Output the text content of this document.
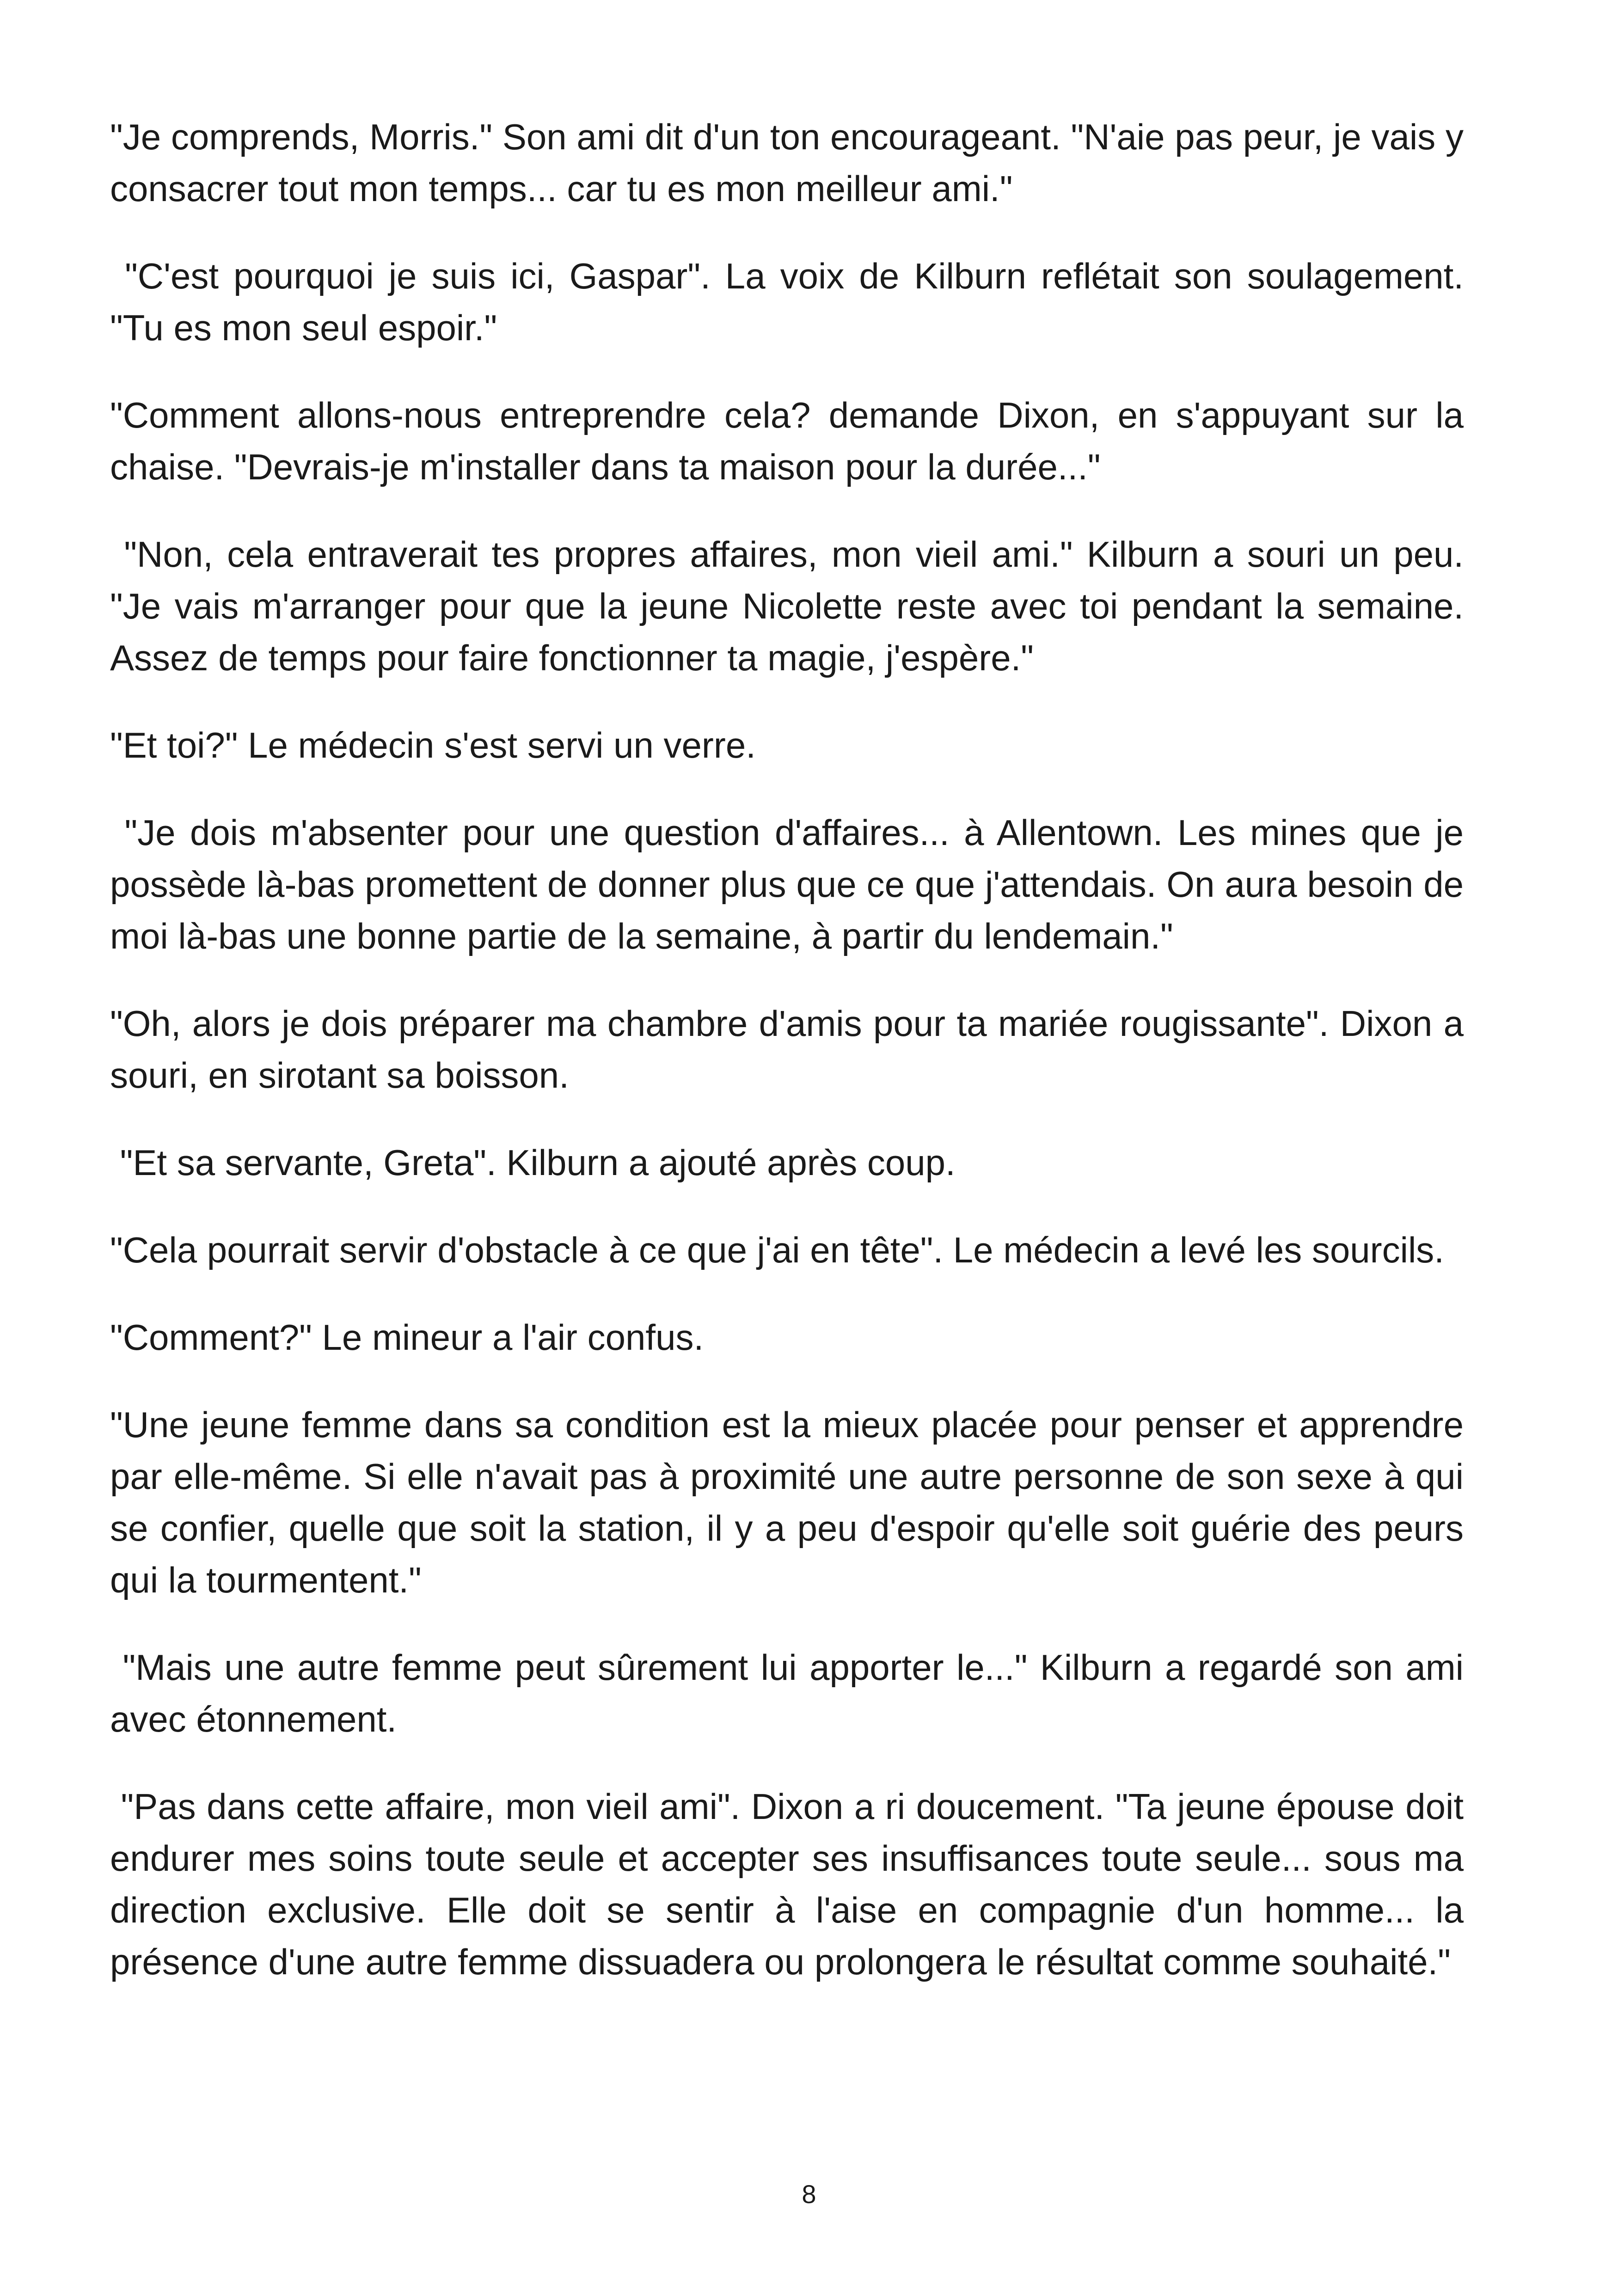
"Je comprends, Morris." Son ami dit d'un ton encourageant. "N'aie pas peur, je vais y consacrer tout mon temps... car tu es mon meilleur ami."

"C'est pourquoi je suis ici, Gaspar". La voix de Kilburn reflétait son soulagement. "Tu es mon seul espoir."

"Comment allons-nous entreprendre cela? demande Dixon, en s'appuyant sur la chaise. "Devrais-je m'installer dans ta maison pour la durée..."

"Non, cela entraverait tes propres affaires, mon vieil ami." Kilburn a souri un peu. "Je vais m'arranger pour que la jeune Nicolette reste avec toi pendant la semaine. Assez de temps pour faire fonctionner ta magie, j'espère."

"Et toi?" Le médecin s'est servi un verre.

"Je dois m'absenter pour une question d'affaires... à Allentown. Les mines que je possède là-bas promettent de donner plus que ce que j'attendais. On aura besoin de moi là-bas une bonne partie de la semaine, à partir du lendemain."

"Oh, alors je dois préparer ma chambre d'amis pour ta mariée rougissante". Dixon a souri, en sirotant sa boisson.

"Et sa servante, Greta". Kilburn a ajouté après coup.

"Cela pourrait servir d'obstacle à ce que j'ai en tête". Le médecin a levé les sourcils.

"Comment?" Le mineur a l'air confus.

"Une jeune femme dans sa condition est la mieux placée pour penser et apprendre par elle-même. Si elle n'avait pas à proximité une autre personne de son sexe à qui se confier, quelle que soit la station, il y a peu d'espoir qu'elle soit guérie des peurs qui la tourmentent."

"Mais une autre femme peut sûrement lui apporter le..." Kilburn a regardé son ami avec étonnement.

"Pas dans cette affaire, mon vieil ami". Dixon a ri doucement. "Ta jeune épouse doit endurer mes soins toute seule et accepter ses insuffisances toute seule... sous ma direction exclusive. Elle doit se sentir à l'aise en compagnie d'un homme... la présence d'une autre femme dissuadera ou prolongera le résultat comme souhaité."

8
